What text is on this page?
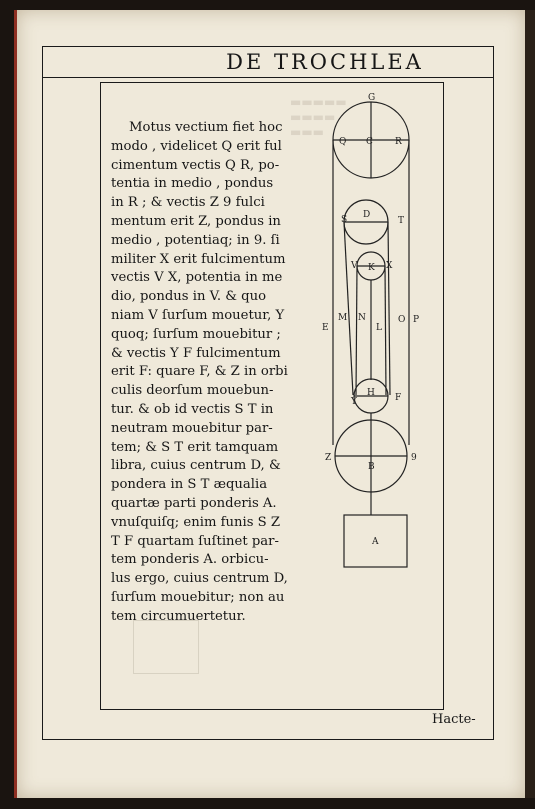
▬▬▬▬▬
▬▬▬▬
▬▬▬
DE TROCHLEA
Motus vectium fiet hoc
modo , videlicet Q erit ful
cimentum vectis Q R, po-
tentia in medio , pondus
in R ; & vectis Z 9 fulci
mentum erit Z, pondus in
medio , potentiaq; in 9. ſi
militer X erit fulcimentum
vectis V X, potentia in me
dio, pondus in V. & quo
niam V ſurſum mouetur, Y
quoq; ſurſum mouebitur ;
& vectis Y F fulcimentum
erit F: quare F, & Z in orbi
culis deorſum mouebun-
tur. & ob id vectis S T in
neutram mouebitur par-
tem; & S T erit tamquam
libra, cuius centrum D, &
pondera in S T æqualia
quartæ parti ponderis A.
vnuſquiſq; enim funis S Z
T F quartam ſuſtinet par-
tem ponderis A. orbicu-
lus ergo, cuius centrum D,
ſurſum mouebitur; non au
tem circumuertetur.
G
Q C R
S D
T
V K X
E
M N
L
O P
Y
H F
Z
B
9
A
Hacte-
